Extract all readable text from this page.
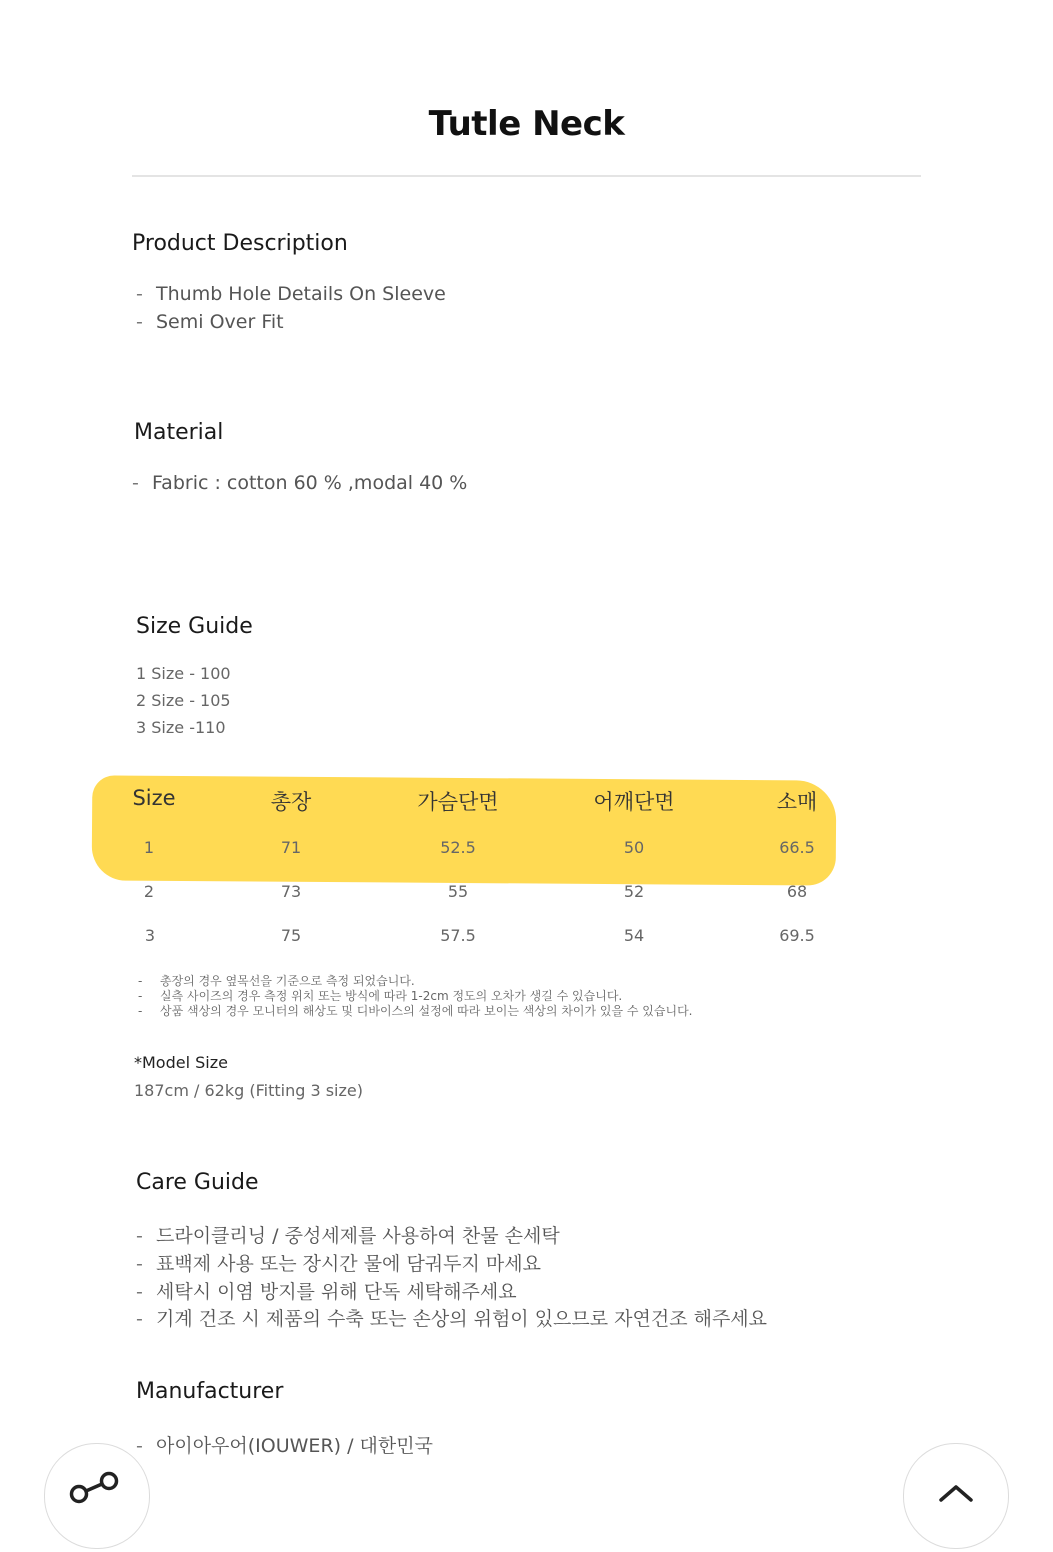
Tutle Neck
Product Description
- Thumb Hole Details On Sleeve
- Semi Over Fit
Material
- Fabric : cotton 60 % ,modal 40 %
Size Guide
1 Size - 100
2 Size - 105
3 Size -110
Size	총장	가슴단면	어깨단면	소매
1	71	52.5	50	66.5
2	73	55	52	68
3	75	57.5	54	69.5
- 총장의 경우 옆목선을 기준으로 측정 되었습니다.
- 실측 사이즈의 경우 측정 위치 또는 방식에 따라 1-2cm 정도의 오차가 생길 수 있습니다.
- 상품 색상의 경우 모니터의 해상도 및 디바이스의 설정에 따라 보이는 색상의 차이가 있을 수 있습니다.
*Model Size
187cm / 62kg (Fitting 3 size)
Care Guide
- 드라이클리닝 / 중성세제를 사용하여 찬물 손세탁
- 표백제 사용 또는 장시간 물에 담궈두지 마세요
- 세탁시 이염 방지를 위해 단독 세탁해주세요
- 기계 건조 시 제품의 수축 또는 손상의 위험이 있으므로 자연건조 해주세요
Manufacturer
- 아이아우어(IOUWER) / 대한민국
